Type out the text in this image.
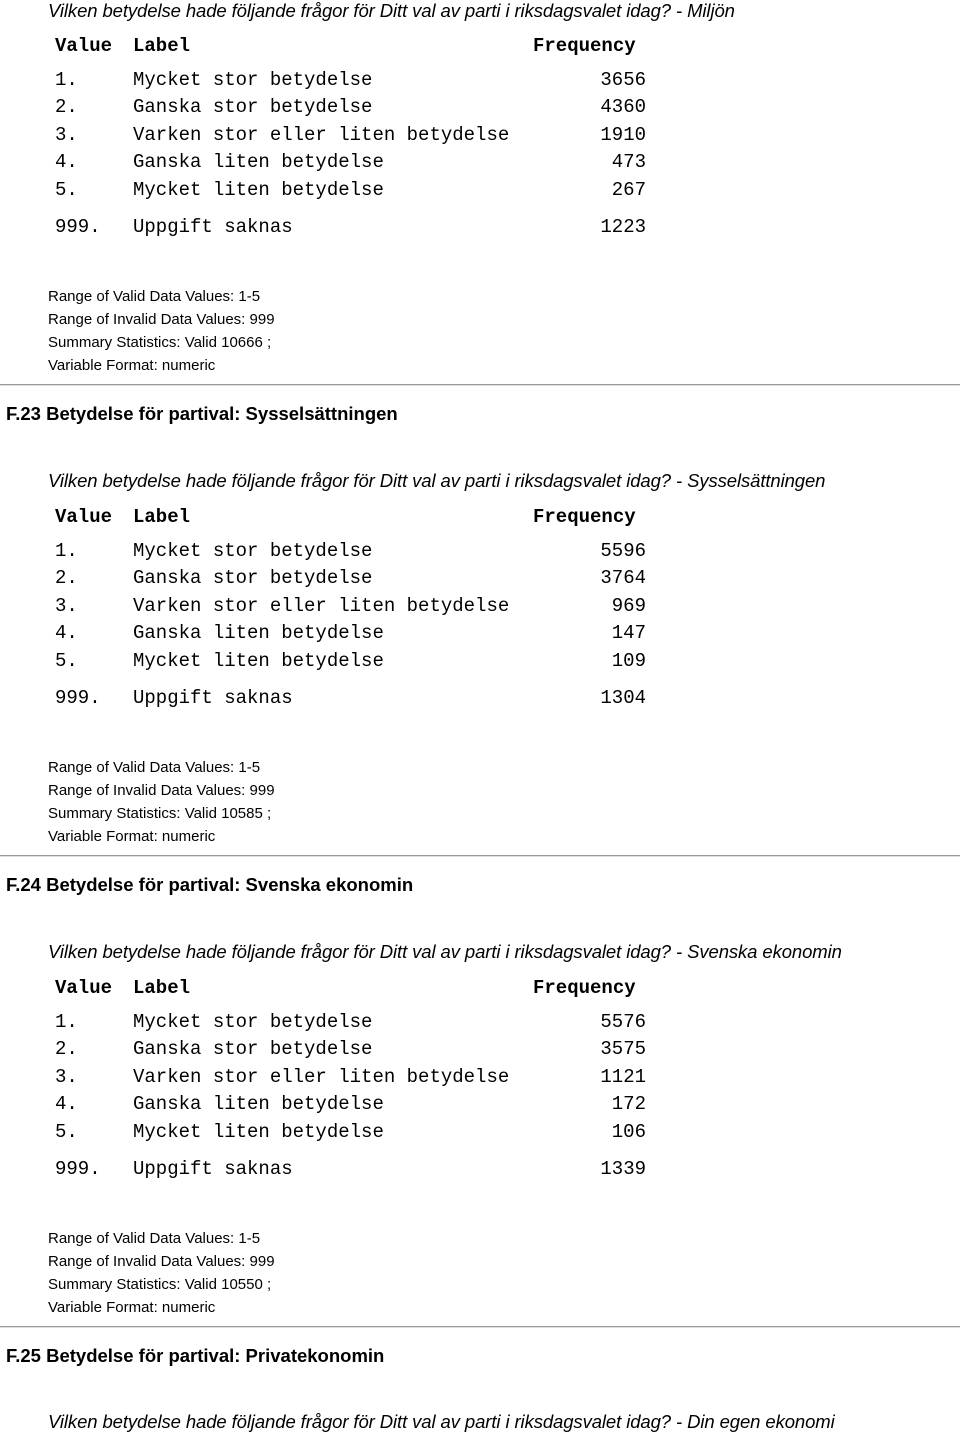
Vilken betydelse hade följande frågor för Ditt val av parti i riksdagsvalet idag? - Miljön
Value Label	Frequency
1.	Mycket stor betydelse	3656
2.	Ganska stor betydelse	4360
3.	Varken stor eller liten betydelse	1910
4.	Ganska liten betydelse	473
5.	Mycket liten betydelse	267
999. Uppgift saknas	1223
Range of Valid Data Values: 1-5
Range of Invalid Data Values: 999
Summary Statistics: Valid 10666 ;
Variable Format: numeric
F.23 Betydelse för partival: Sysselsättningen
Vilken betydelse hade följande frågor för Ditt val av parti i riksdagsvalet idag? - Sysselsättningen
Value Label	Frequency
1.	Mycket stor betydelse	5596
2.	Ganska stor betydelse	3764
3.	Varken stor eller liten betydelse	969
4.	Ganska liten betydelse	147
5.	Mycket liten betydelse	109
999. Uppgift saknas	1304
Range of Valid Data Values: 1-5
Range of Invalid Data Values: 999
Summary Statistics: Valid 10585 ;
Variable Format: numeric
F.24 Betydelse för partival: Svenska ekonomin
Vilken betydelse hade följande frågor för Ditt val av parti i riksdagsvalet idag? - Svenska ekonomin
Value Label	Frequency
1.	Mycket stor betydelse	5576
2.	Ganska stor betydelse	3575
3.	Varken stor eller liten betydelse	1121
4.	Ganska liten betydelse	172
5.	Mycket liten betydelse	106
999. Uppgift saknas	1339
Range of Valid Data Values: 1-5
Range of Invalid Data Values: 999
Summary Statistics: Valid 10550 ;
Variable Format: numeric
F.25 Betydelse för partival: Privatekonomin
Vilken betydelse hade följande frågor för Ditt val av parti i riksdagsvalet idag? - Din egen ekonomi
